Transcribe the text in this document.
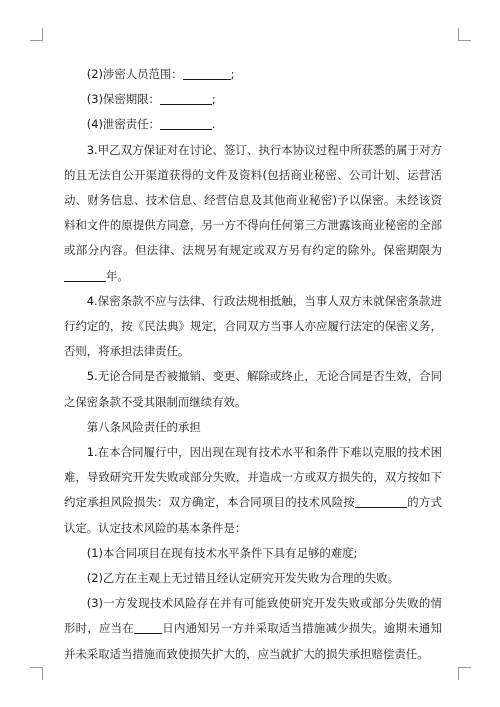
(2)涉密人员范围：	;

(3)保密期限：	;

(4)泄密责任：	.

3.甲乙双方保证对在讨论、签订、执行本协议过程中所获悉的属于对方的且无法自公开渠道获得的文件及资料(包括商业秘密、公司计划、运营活动、财务信息、技术信息、经营信息及其他商业秘密)予以保密。未经该资料和文件的原提供方同意，另一方不得向任何第三方泄露该商业秘密的全部或部分内容。但法律、法规另有规定或双方另有约定的除外。保密期限为年。

4.保密条款不应与法律、行政法规相抵触，当事人双方未就保密条款进行约定的，按《民法典》规定，合同双方当事人亦应履行法定的保密义务，否则，将承担法律责任。

5.无论合同是否被撤销、变更、解除或终止，无论合同是否生效，合同之保密条款不受其限制而继续有效。

第八条风险责任的承担

1.在本合同履行中，因出现在现有技术水平和条件下难以克服的技术困难，导致研究开发失败或部分失败，并造成一方或双方损失的，双方按如下约定承担风险损失：双方确定，本合同项目的技术风险按	的方式认定。认定技术风险的基本条件是：

(1)本合同项目在现有技术水平条件下具有足够的难度;

(2)乙方在主观上无过错且经认定研究开发失败为合理的失败。

(3)一方发现技术风险存在并有可能致使研究开发失败或部分失败的情形时，应当在 日内通知另一方并采取适当措施减少损失。逾期未通知并未采取适当措施而致使损失扩大的，应当就扩大的损失承担赔偿责任。
